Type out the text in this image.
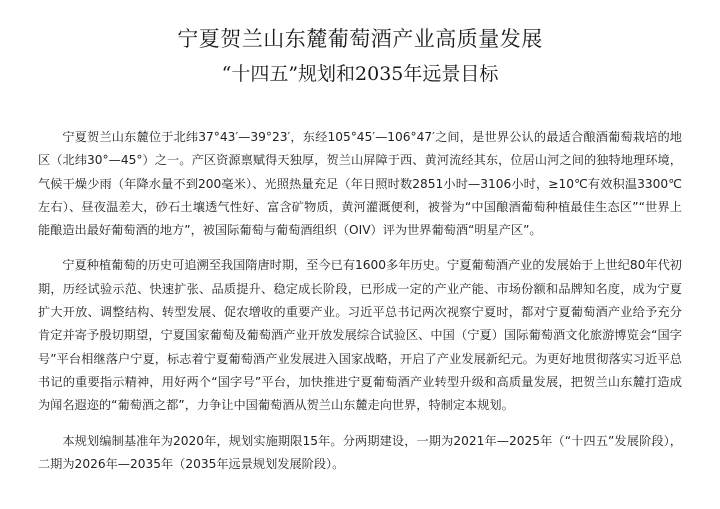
宁夏贺兰山东麓葡萄酒产业高质量发展
“十四五”规划和2035年远景目标

宁夏贺兰山东麓位于北纬37°43′—39°23′，东经105°45′—106°47′之间，是世界公认的最适合酿酒葡萄栽培的地区（北纬30°—45°）之一。产区资源禀赋得天独厚，贺兰山屏障于西、黄河流经其东，位居山河之间的独特地理环境，气候干燥少雨（年降水量不到200毫米）、光照热量充足（年日照时数2851小时—3106小时，≥10℃有效积温3300℃左右）、昼夜温差大，砂石土壤透气性好、富含矿物质，黄河灌溉便利，被誉为“中国酿酒葡萄种植最佳生态区”“世界上能酿造出最好葡萄酒的地方”，被国际葡萄与葡萄酒组织（OIV）评为世界葡萄酒“明星产区”。

宁夏种植葡萄的历史可追溯至我国隋唐时期，至今已有1600多年历史。宁夏葡萄酒产业的发展始于上世纪80年代初期，历经试验示范、快速扩张、品质提升、稳定成长阶段，已形成一定的产业产能、市场份额和品牌知名度，成为宁夏扩大开放、调整结构、转型发展、促农增收的重要产业。习近平总书记两次视察宁夏时，都对宁夏葡萄酒产业给予充分肯定并寄予殷切期望，宁夏国家葡萄及葡萄酒产业开放发展综合试验区、中国（宁夏）国际葡萄酒文化旅游博览会“国字号”平台相继落户宁夏，标志着宁夏葡萄酒产业发展进入国家战略，开启了产业发展新纪元。为更好地贯彻落实习近平总书记的重要指示精神，用好两个“国字号”平台，加快推进宁夏葡萄酒产业转型升级和高质量发展，把贺兰山东麓打造成为闻名遐迩的“葡萄酒之都”，力争让中国葡萄酒从贺兰山东麓走向世界，特制定本规划。

本规划编制基准年为2020年，规划实施期限15年。分两期建设，一期为2021年—2025年（“十四五”发展阶段），二期为2026年—2035年（2035年远景规划发展阶段）。
